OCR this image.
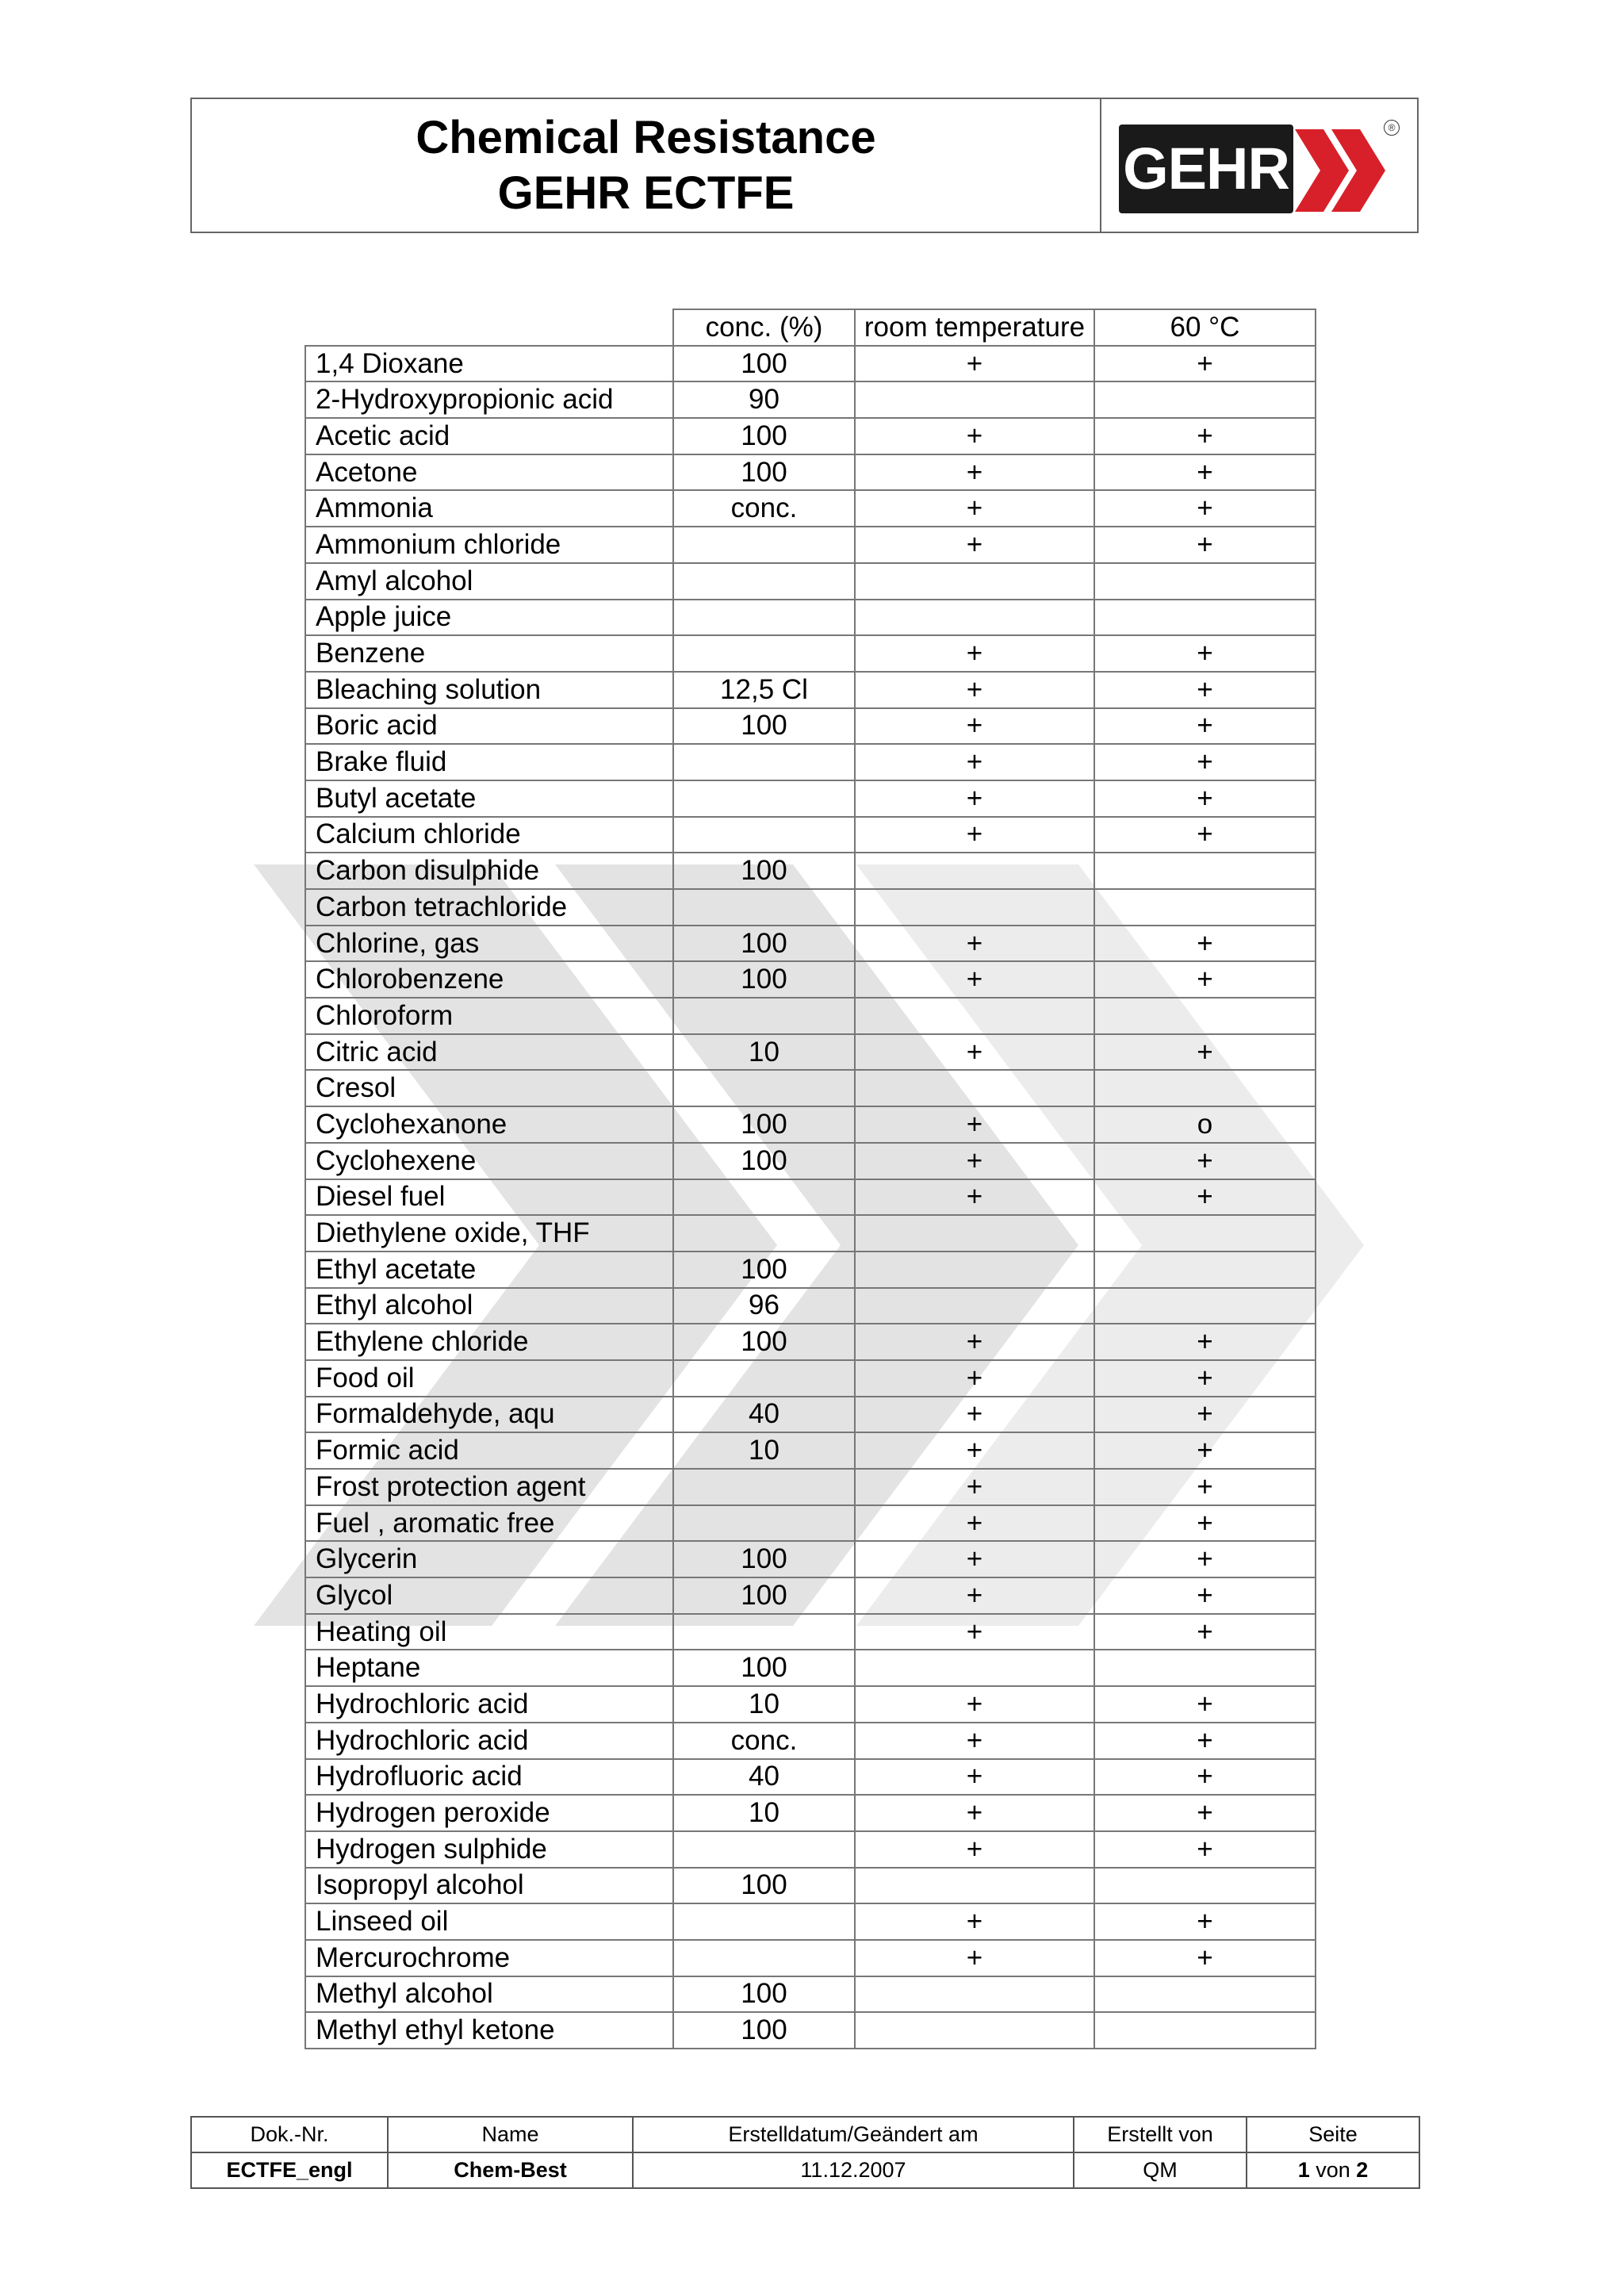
Chemical Resistance
GEHR ECTFE	GEHR
®
	conc. (%)	room temperature	60 °C
1,4 Dioxane	100	+	+
2-Hydroxypropionic acid	90		
Acetic acid	100	+	+
Acetone	100	+	+
Ammonia	conc.	+	+
Ammonium chloride		+	+
Amyl alcohol			
Apple juice			
Benzene		+	+
Bleaching solution	12,5 Cl	+	+
Boric acid	100	+	+
Brake fluid		+	+
Butyl acetate		+	+
Calcium chloride		+	+
Carbon disulphide	100		
Carbon tetrachloride			
Chlorine, gas	100	+	+
Chlorobenzene	100	+	+
Chloroform			
Citric acid	10	+	+
Cresol			
Cyclohexanone	100	+	o
Cyclohexene	100	+	+
Diesel fuel		+	+
Diethylene oxide, THF			
Ethyl acetate	100		
Ethyl alcohol	96		
Ethylene chloride	100	+	+
Food oil		+	+
Formaldehyde, aqu	40	+	+
Formic acid	10	+	+
Frost protection agent		+	+
Fuel , aromatic free		+	+
Glycerin	100	+	+
Glycol	100	+	+
Heating oil		+	+
Heptane	100		
Hydrochloric acid	10	+	+
Hydrochloric acid	conc.	+	+
Hydrofluoric acid	40	+	+
Hydrogen peroxide	10	+	+
Hydrogen sulphide		+	+
Isopropyl alcohol	100		
Linseed oil		+	+
Mercurochrome		+	+
Methyl alcohol	100		
Methyl ethyl ketone	100		
Dok.-Nr.	Name	Erstelldatum/Geändert am	Erstellt von	Seite
ECTFE_engl	Chem-Best	11.12.2007	QM	1 von 2
